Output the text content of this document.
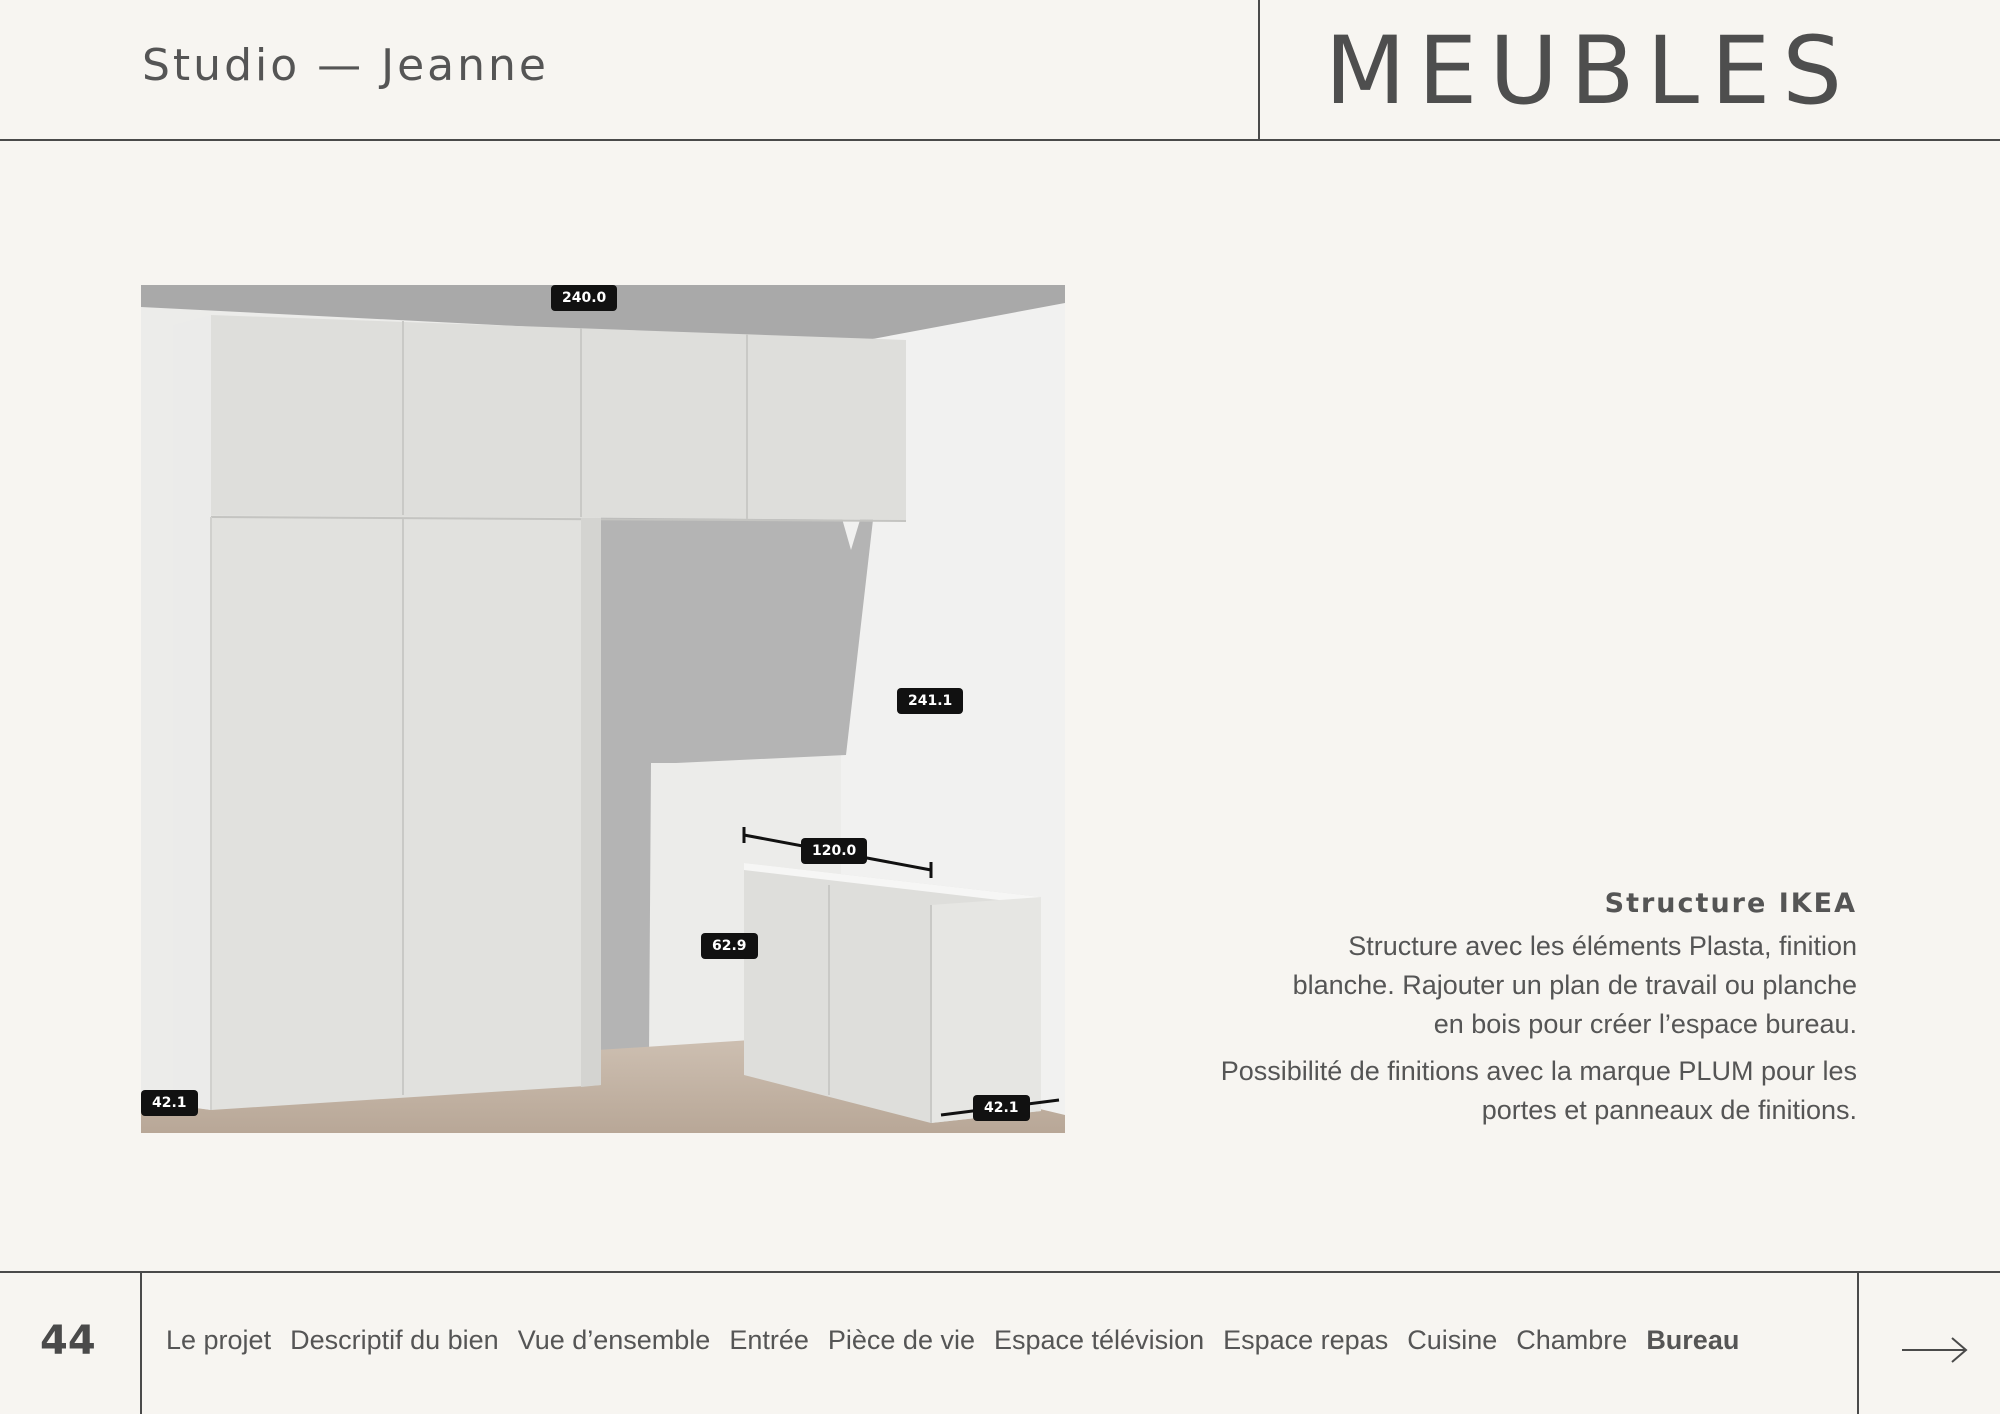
Studio — Jeanne	MEUBLES
240.0
241.1
120.0
62.9
42.1	42.1
Structure IKEA

Structure avec les éléments Plasta, finition blanche. Rajouter un plan de travail ou planche en bois pour créer l’espace bureau.

Possibilité de finitions avec la marque PLUM pour les portes et panneaux de finitions.

44	Le projet Descriptif du bien Vue d’ensemble Entrée Pièce de vie Espace télévision Espace repas Cuisine Chambre Bureau
